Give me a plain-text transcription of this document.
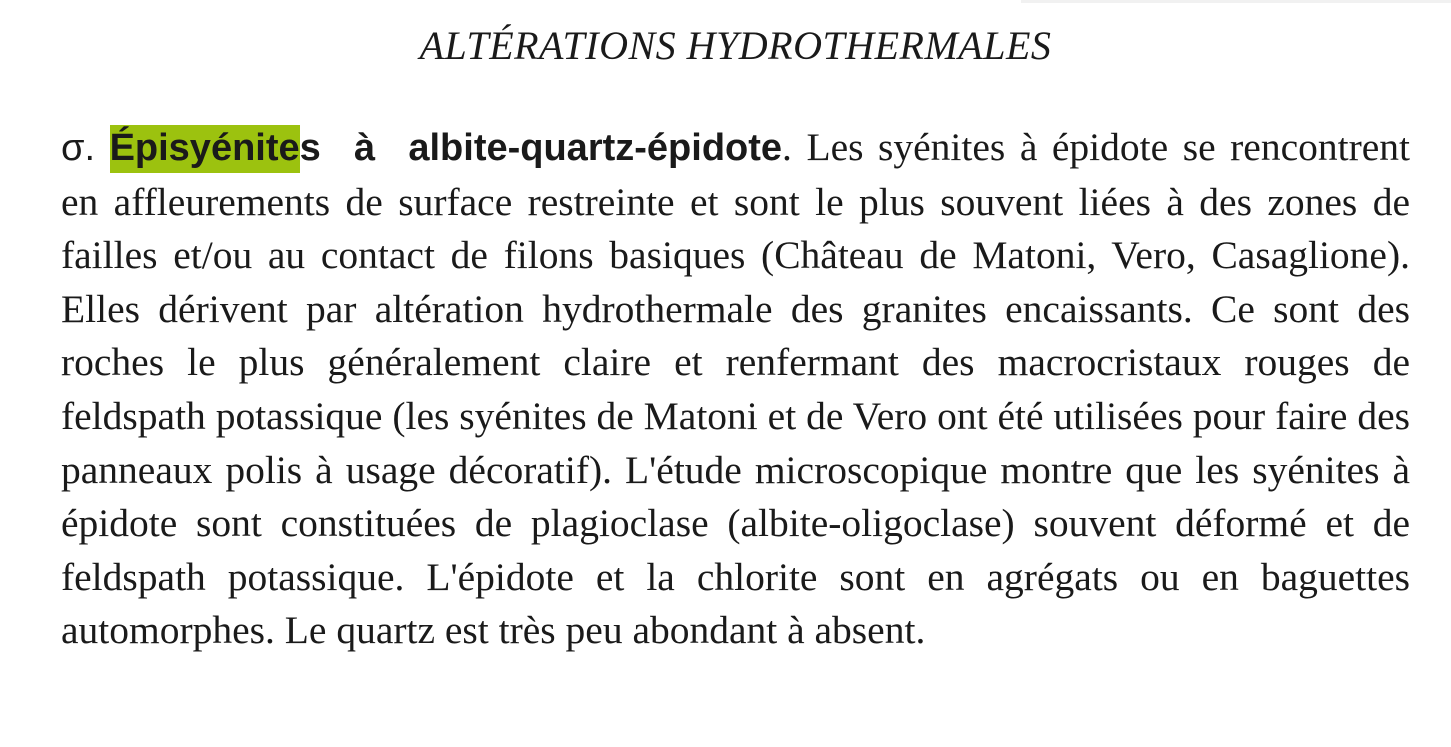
ALTÉRATIONS HYDROTHERMALES

σ. Épisyénites à albite-quartz-épidote. Les syénites à épidote se rencontrent en affleurements de surface restreinte et sont le plus souvent liées à des zones de failles et/ou au contact de filons basiques (Château de Matoni, Vero, Casaglione). Elles dérivent par altération hydrothermale des granites encaissants. Ce sont des roches le plus généralement claire et renfermant des macrocristaux rouges de feldspath potassique (les syénites de Matoni et de Vero ont été utilisées pour faire des panneaux polis à usage décoratif). L'étude microscopique montre que les syénites à épidote sont constituées de plagioclase (albite-oligoclase) souvent déformé et de feldspath potassique. L'épidote et la chlorite sont en agrégats ou en baguettes automorphes. Le quartz est très peu abondant à absent.
